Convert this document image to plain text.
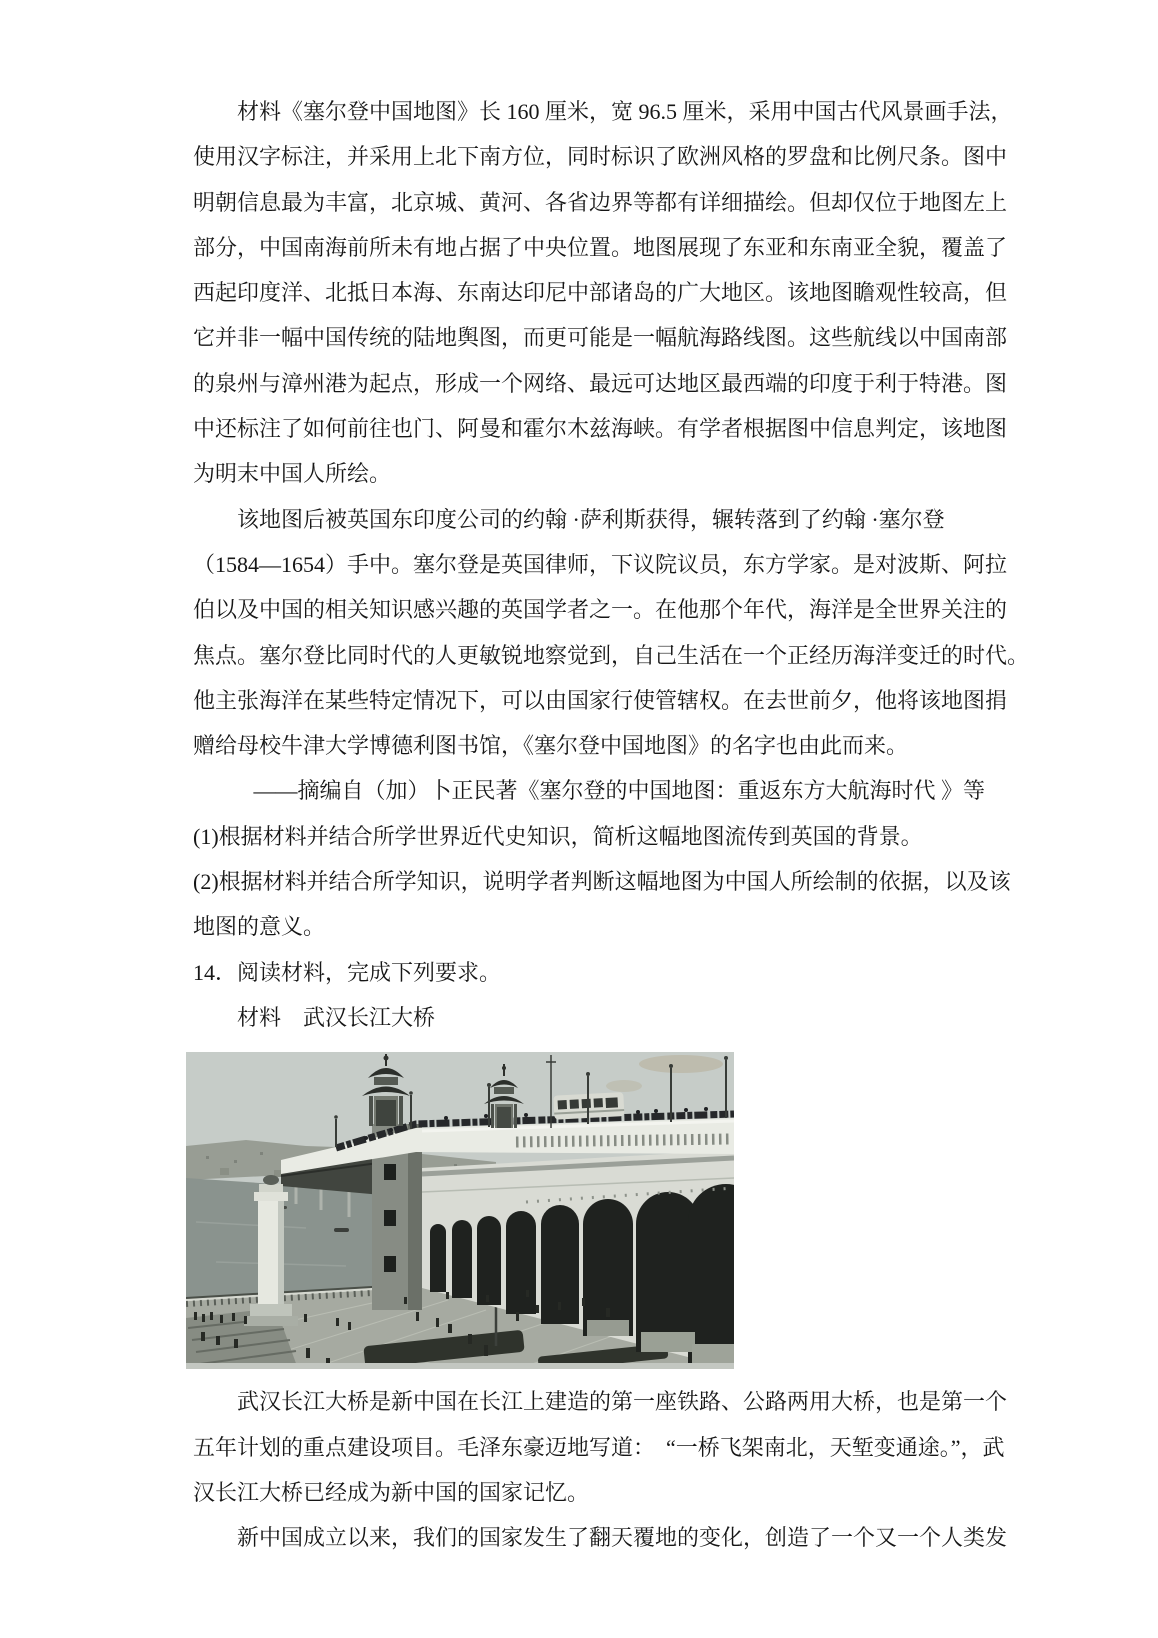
材料《塞尔登中国地图》长 160 厘米，宽 96.5 厘米，采用中国古代风景画手法，
使用汉字标注，并采用上北下南方位，同时标识了欧洲风格的罗盘和比例尺条。图中
明朝信息最为丰富，北京城、黄河、各省边界等都有详细描绘。但却仅位于地图左上
部分，中国南海前所未有地占据了中央位置。地图展现了东亚和东南亚全貌，覆盖了
西起印度洋、北抵日本海、东南达印尼中部诸岛的广大地区。该地图瞻观性较高，但
它并非一幅中国传统的陆地舆图，而更可能是一幅航海路线图。这些航线以中国南部
的泉州与漳州港为起点，形成一个网络、最远可达地区最西端的印度于利于特港。图
中还标注了如何前往也门、阿曼和霍尔木兹海峡。有学者根据图中信息判定，该地图
为明末中国人所绘。
该地图后被英国东印度公司的约翰 ·萨利斯获得，辗转落到了约翰 ·塞尔登
（1584—1654）手中。塞尔登是英国律师，下议院议员，东方学家。是对波斯、阿拉
伯以及中国的相关知识感兴趣的英国学者之一。在他那个年代，海洋是全世界关注的
焦点。塞尔登比同时代的人更敏锐地察觉到，自己生活在一个正经历海洋变迁的时代。
他主张海洋在某些特定情况下，可以由国家行使管辖权。在去世前夕，他将该地图捐
赠给母校牛津大学博德利图书馆，《塞尔登中国地图》的名字也由此而来。
——摘编自（加）卜正民著《塞尔登的中国地图：重返东方大航海时代 》等
(1)根据材料并结合所学世界近代史知识，简析这幅地图流传到英国的背景。
(2)根据材料并结合所学知识，说明学者判断这幅地图为中国人所绘制的依据，以及该
地图的意义。
14．阅读材料，完成下列要求。
材料　武汉长江大桥
武汉长江大桥是新中国在长江上建造的第一座铁路、公路两用大桥，也是第一个
五年计划的重点建设项目。毛泽东豪迈地写道：　“一桥飞架南北，天堑变通途。”，武
汉长江大桥已经成为新中国的国家记忆。
新中国成立以来，我们的国家发生了翻天覆地的变化，创造了一个又一个人类发
